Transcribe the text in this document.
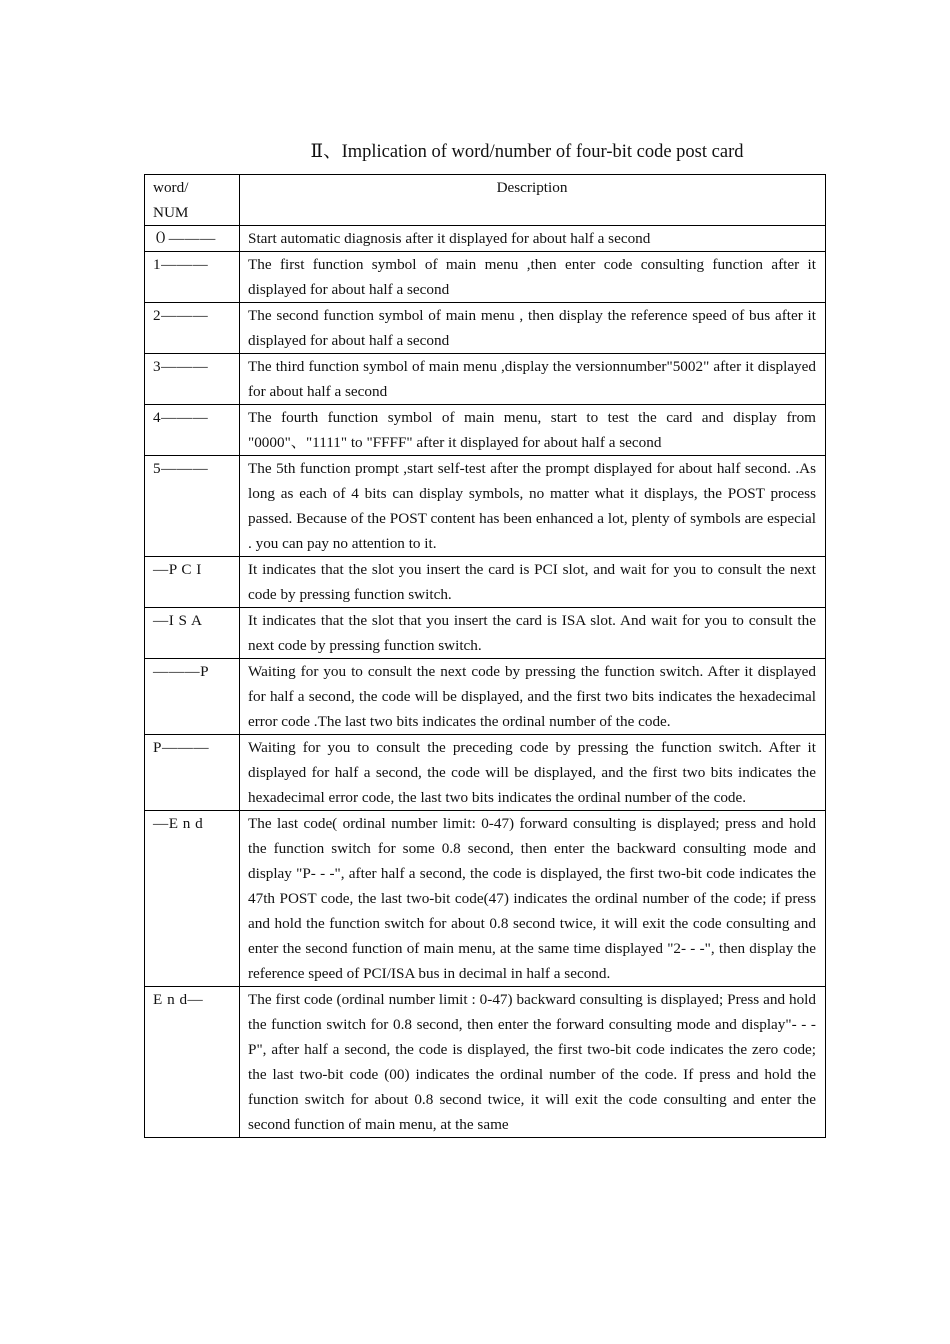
Ⅱ、Implication of word/number of four-bit code post card
word/
NUM	Description
０———	Start automatic diagnosis after it displayed for about half a second
1———	The first function symbol of main menu ,then enter code consulting function after it displayed for about half a second
2———	The second function symbol of main menu , then display the reference speed of bus after it displayed for about half a second
3———	The third function symbol of main menu ,display the versionnumber"5002" after it displayed for about half a second
4———	The fourth function symbol of main menu, start to test the card and display from "0000"、"1111" to "FFFF" after it displayed for about half a second
5———	The 5th function prompt ,start self-test after the prompt displayed for about half second. .As long as each of 4 bits can display symbols, no matter what it displays, the POST process passed. Because of the POST content has been enhanced a lot, plenty of symbols are especial . you can pay no attention to it.
—P C I	It indicates that the slot you insert the card is PCI slot, and wait for you to consult the next code by pressing function switch.
—I S A	It indicates that the slot that you insert the card is ISA slot. And wait for you to consult the next code by pressing function switch.
———P	Waiting for you to consult the next code by pressing the function switch. After it displayed for half a second, the code will be displayed, and the first two bits indicates the hexadecimal error code .The last two bits indicates the ordinal number of the code.
P———	Waiting for you to consult the preceding code by pressing the function switch. After it displayed for half a second, the code will be displayed, and the first two bits indicates the hexadecimal error code, the last two bits indicates the ordinal number of the code.
—E n d	The last code( ordinal number limit: 0-47) forward consulting is displayed; press and hold the function switch for some 0.8 second, then enter the backward consulting mode and display "P- - -", after half a second, the code is displayed, the first two-bit code indicates the 47th POST code, the last two-bit code(47) indicates the ordinal number of the code; if press and hold the function switch for about 0.8 second twice, it will exit the code consulting and enter the second function of main menu, at the same time displayed "2- - -", then display the reference speed of PCI/ISA bus in decimal in half a second.
E n d—	The first code (ordinal number limit : 0-47) backward consulting is displayed; Press and hold the function switch for 0.8 second, then enter the forward consulting mode and display"- - -P", after half a second, the code is displayed, the first two-bit code indicates the zero code; the last two-bit code (00) indicates the ordinal number of the code. If press and hold the function switch for about 0.8 second twice, it will exit the code consulting and enter the second function of main menu, at the same
